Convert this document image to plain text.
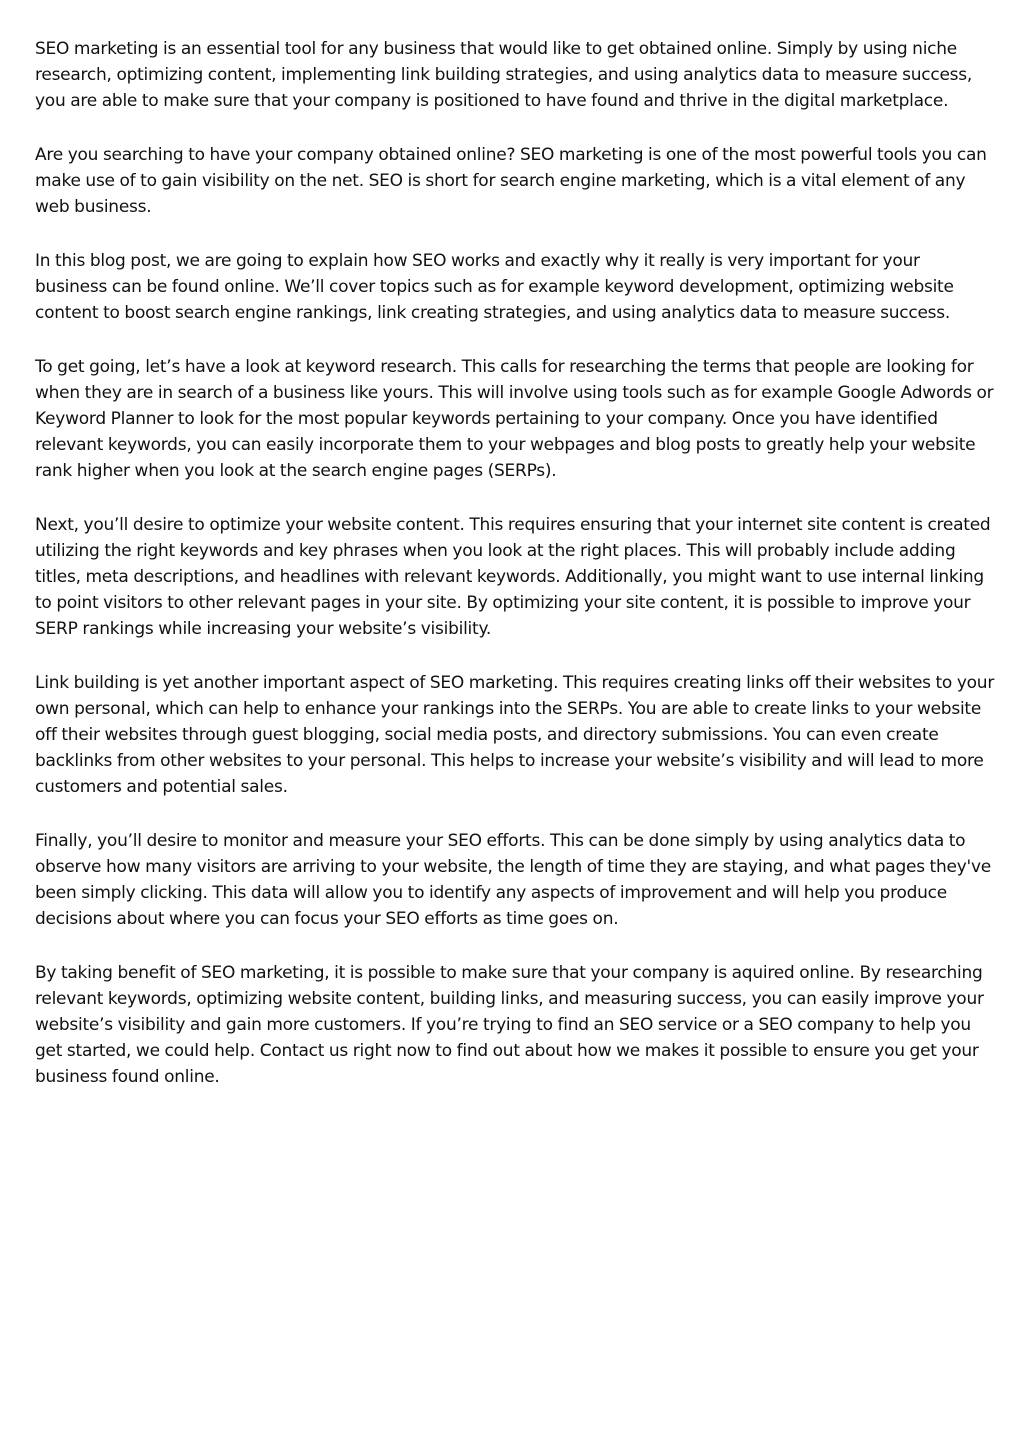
SEO marketing is an essential tool for any business that would like to get obtained online. Simply by using niche research, optimizing content, implementing link building strategies, and using analytics data to measure success, you are able to make sure that your company is positioned to have found and thrive in the digital marketplace.

Are you searching to have your company obtained online? SEO marketing is one of the most powerful tools you can make use of to gain visibility on the net. SEO is short for search engine marketing, which is a vital element of any web business.

In this blog post, we are going to explain how SEO works and exactly why it really is very important for your business can be found online. We’ll cover topics such as for example keyword development, optimizing website content to boost search engine rankings, link creating strategies, and using analytics data to measure success.

To get going, let’s have a look at keyword research. This calls for researching the terms that people are looking for when they are in search of a business like yours. This will involve using tools such as for example Google Adwords or Keyword Planner to look for the most popular keywords pertaining to your company. Once you have identified relevant keywords, you can easily incorporate them to your webpages and blog posts to greatly help your website rank higher when you look at the search engine pages (SERPs).

Next, you’ll desire to optimize your website content. This requires ensuring that your internet site content is created utilizing the right keywords and key phrases when you look at the right places. This will probably include adding titles, meta descriptions, and headlines with relevant keywords. Additionally, you might want to use internal linking to point visitors to other relevant pages in your site. By optimizing your site content, it is possible to improve your SERP rankings while increasing your website’s visibility.

Link building is yet another important aspect of SEO marketing. This requires creating links off their websites to your own personal, which can help to enhance your rankings into the SERPs. You are able to create links to your website off their websites through guest blogging, social media posts, and directory submissions. You can even create backlinks from other websites to your personal. This helps to increase your website’s visibility and will lead to more customers and potential sales.

Finally, you’ll desire to monitor and measure your SEO efforts. This can be done simply by using analytics data to observe how many visitors are arriving to your website, the length of time they are staying, and what pages they've been simply clicking. This data will allow you to identify any aspects of improvement and will help you produce decisions about where you can focus your SEO efforts as time goes on.

By taking benefit of SEO marketing, it is possible to make sure that your company is aquired online. By researching relevant keywords, optimizing website content, building links, and measuring success, you can easily improve your website’s visibility and gain more customers. If you’re trying to find an SEO service or a SEO company to help you get started, we could help. Contact us right now to find out about how we makes it possible to ensure you get your business found online.
